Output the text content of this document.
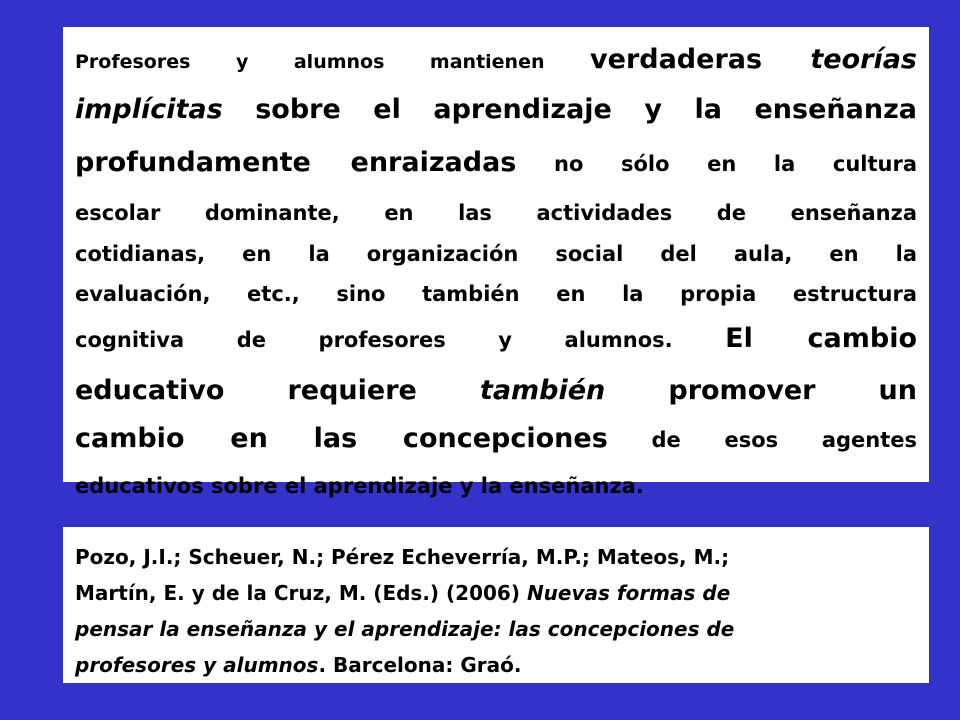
Profesores y alumnos mantienen verdaderas teorías
implícitas sobre el aprendizaje y la enseñanza
profundamente enraizadas no sólo en la cultura
escolar dominante, en las actividades de enseñanza
cotidianas, en la organización social del aula, en la
evaluación, etc., sino también en la propia estructura
cognitiva de profesores y alumnos. El cambio
educativo requiere también promover un
cambio en las concepciones de esos agentes
educativos sobre el aprendizaje y la enseñanza.
Pozo, J.I.; Scheuer, N.; Pérez Echeverría, M.P.; Mateos, M.;
Martín, E. y de la Cruz, M. (Eds.) (2006) Nuevas formas de
pensar la enseñanza y el aprendizaje: las concepciones de
profesores y alumnos. Barcelona: Graó.
